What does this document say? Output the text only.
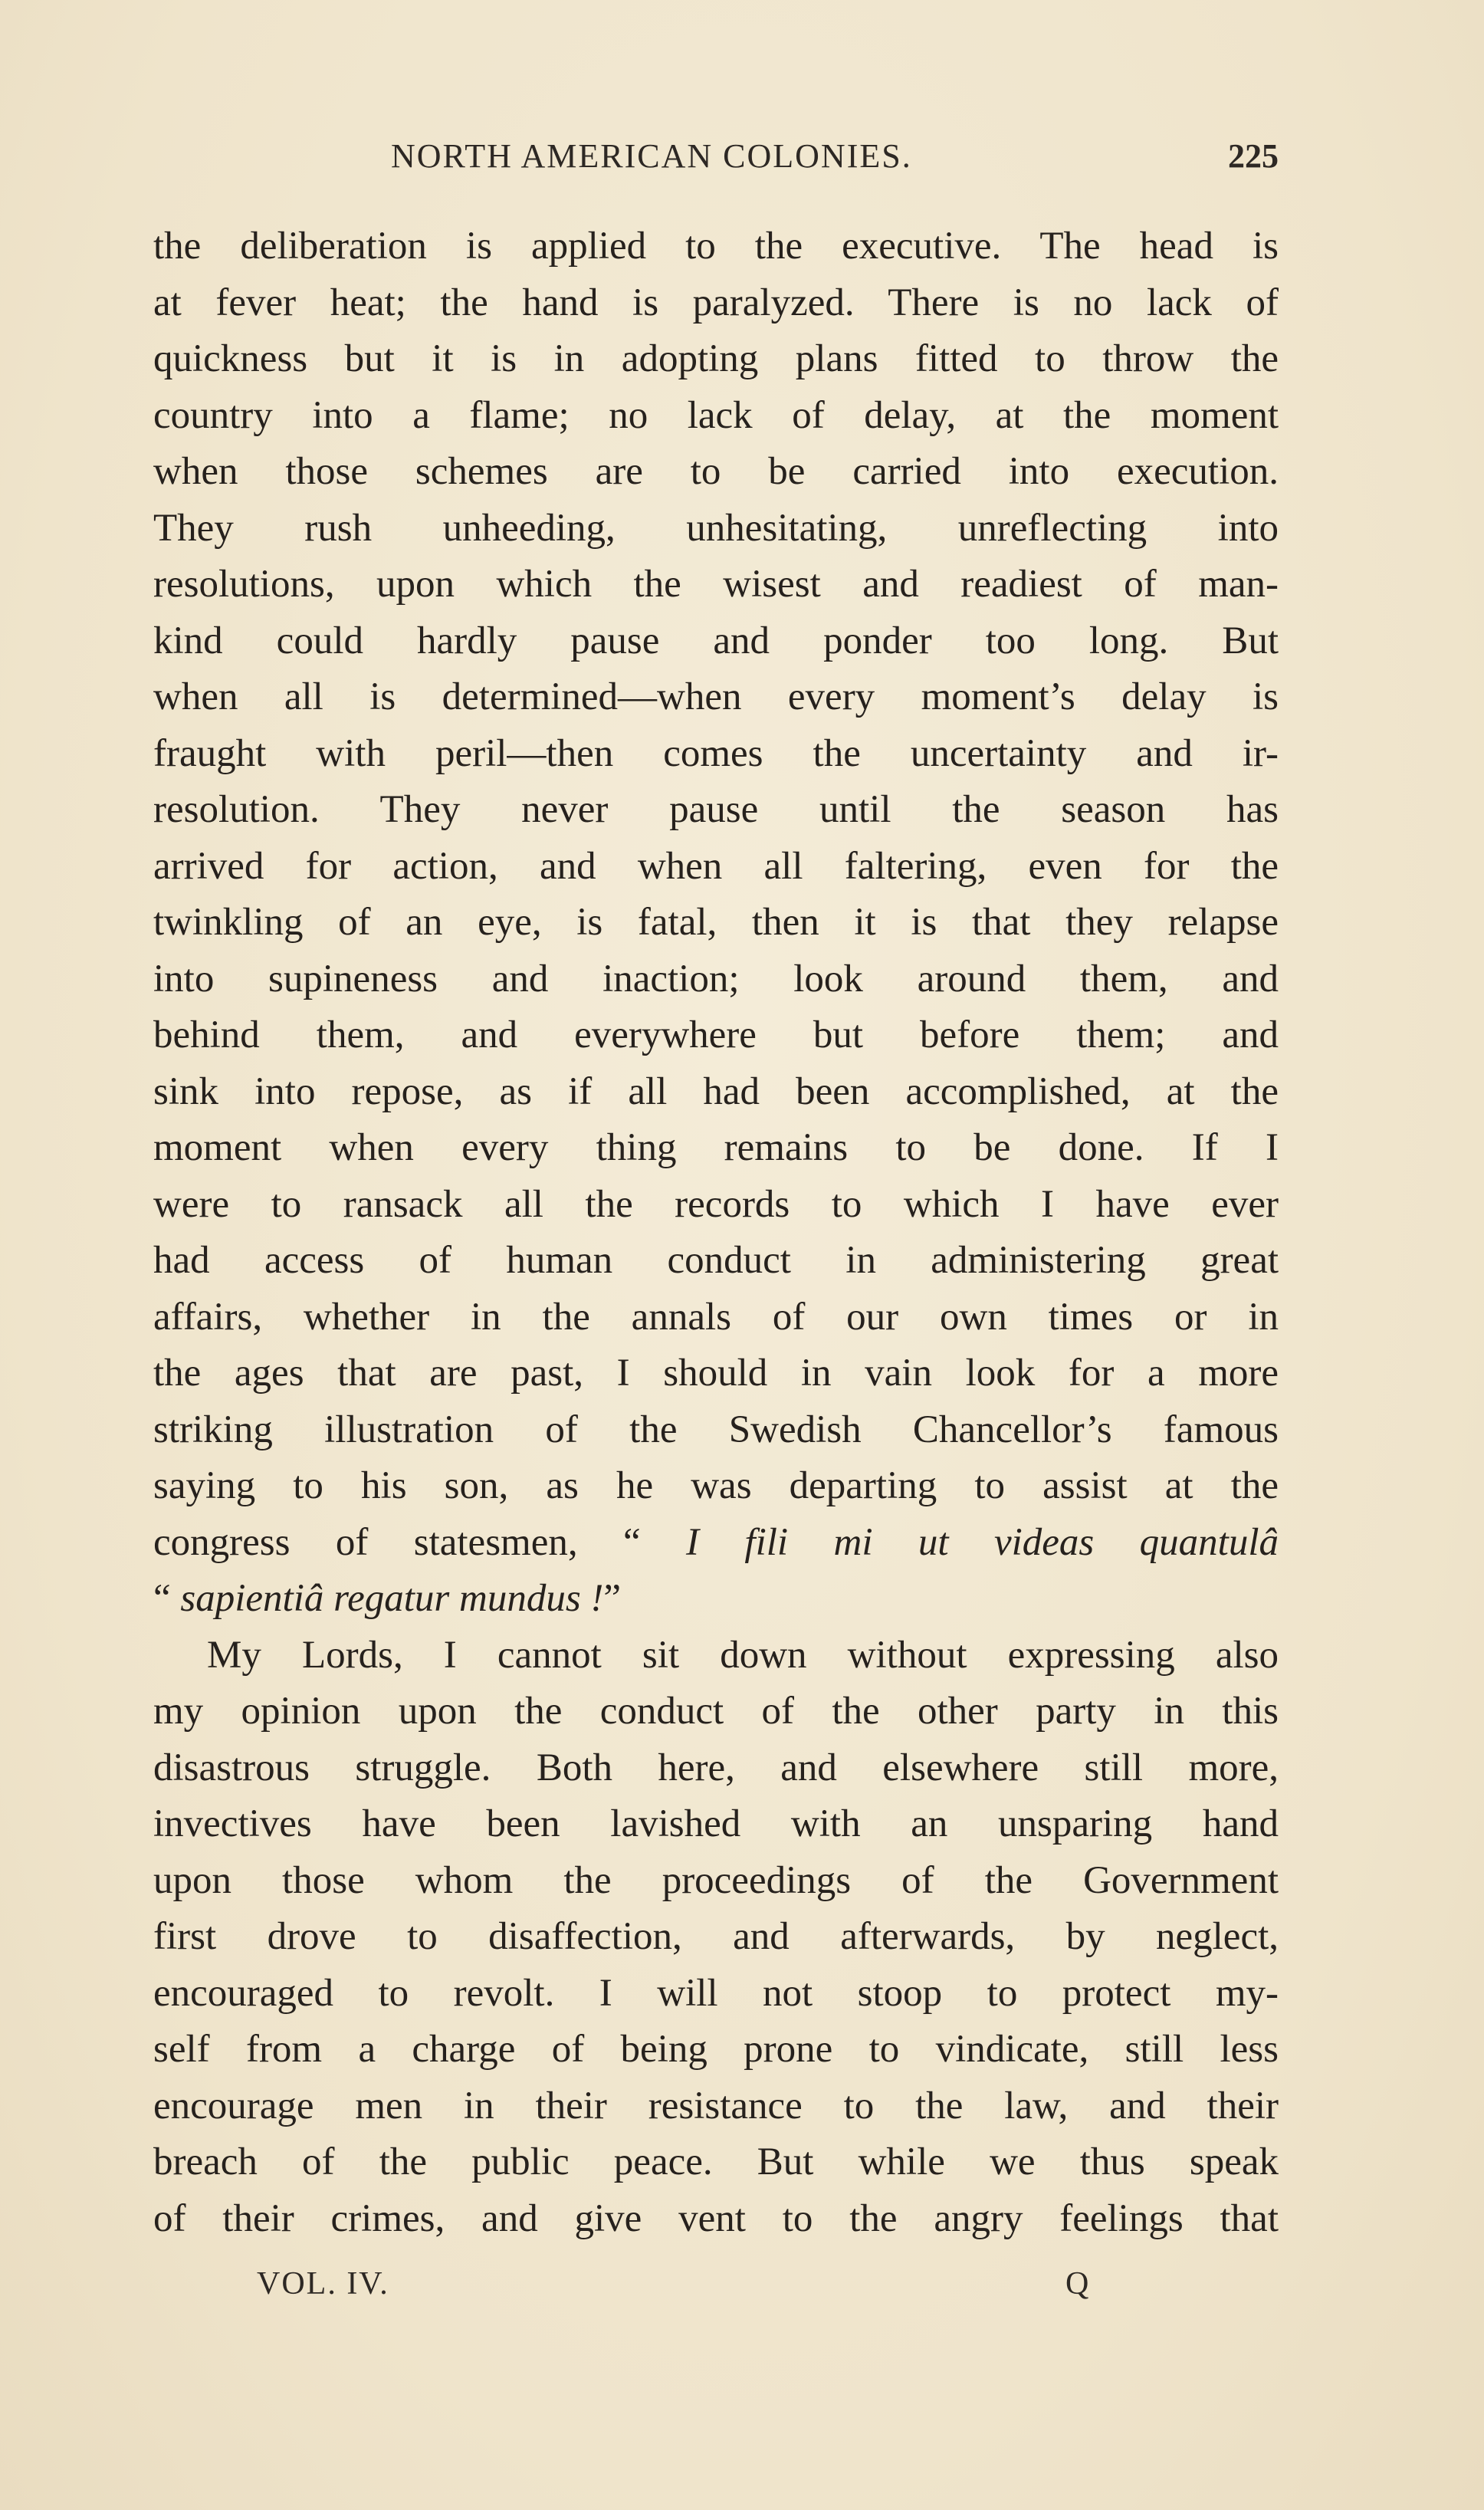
NORTH AMERICAN COLONIES.	225
the deliberation is applied to the executive. The head is
at fever heat; the hand is paralyzed. There is no lack of
quickness but it is in adopting plans fitted to throw the
country into a flame; no lack of delay, at the moment
when those schemes are to be carried into execution.
They rush unheeding, unhesitating, unreflecting into
resolutions, upon which the wisest and readiest of man-
kind could hardly pause and ponder too long. But
when all is determined—when every moment’s delay is
fraught with peril—then comes the uncertainty and ir-
resolution. They never pause until the season has
arrived for action, and when all faltering, even for the
twinkling of an eye, is fatal, then it is that they relapse
into supineness and inaction; look around them, and
behind them, and everywhere but before them; and
sink into repose, as if all had been accomplished, at the
moment when every thing remains to be done. If I
were to ransack all the records to which I have ever
had access of human conduct in administering great
affairs, whether in the annals of our own times or in
the ages that are past, I should in vain look for a more
striking illustration of the Swedish Chancellor’s famous
saying to his son, as he was departing to assist at the
congress of statesmen, “ I fili mi ut videas quantulâ
“ sapientiâ regatur mundus !”
My Lords, I cannot sit down without expressing also
my opinion upon the conduct of the other party in this
disastrous struggle. Both here, and elsewhere still more,
invectives have been lavished with an unsparing hand
upon those whom the proceedings of the Government
first drove to disaffection, and afterwards, by neglect,
encouraged to revolt. I will not stoop to protect my-
self from a charge of being prone to vindicate, still less
encourage men in their resistance to the law, and their
breach of the public peace. But while we thus speak
of their crimes, and give vent to the angry feelings that
VOL. IV.	Q
